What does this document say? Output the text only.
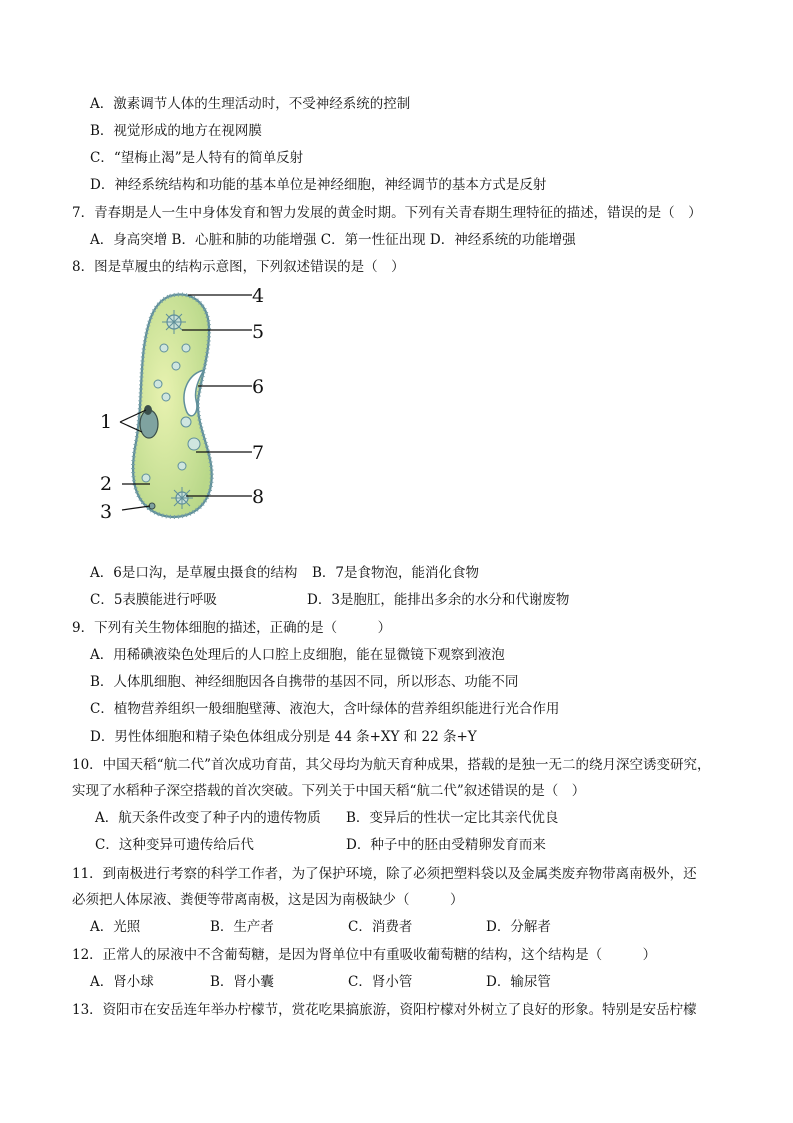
A．激素调节人体的生理活动时，不受神经系统的控制
B．视觉形成的地方在视网膜
C．“望梅止渴”是人特有的简单反射
D．神经系统结构和功能的基本单位是神经细胞，神经调节的基本方式是反射
7．青春期是人一生中身体发育和智力发展的黄金时期。下列有关青春期生理特征的描述，错误的是（　）
A．身高突增 B．心脏和肺的功能增强 C．第一性征出现 D．神经系统的功能增强
8．图是草履虫的结构示意图，下列叙述错误的是（　）
1
2
3
4
5
6
7
8
A．6是口沟，是草履虫摄食的结构 B．7是食物泡，能消化食物
C．5表膜能进行呼吸	D．3是胞肛，能排出多余的水分和代谢废物
9．下列有关生物体细胞的描述，正确的是（　　　）
A．用稀碘液染色处理后的人口腔上皮细胞，能在显微镜下观察到液泡
B．人体肌细胞、神经细胞因各自携带的基因不同，所以形态、功能不同
C．植物营养组织一般细胞壁薄、液泡大，含叶绿体的营养组织能进行光合作用
D．男性体细胞和精子染色体组成分别是 44 条+XY 和 22 条+Y
10．中国天稻“航二代”首次成功育苗，其父母均为航天育种成果，搭载的是独一无二的绕月深空诱变研究，
实现了水稻种子深空搭载的首次突破。下列关于中国天稻“航二代”叙述错误的是（　）
A．航天条件改变了种子内的遗传物质 B．变异后的性状一定比其亲代优良
C．这种变异可遗传给后代	D．种子中的胚由受精卵发育而来
11．到南极进行考察的科学工作者，为了保护环境，除了必须把塑料袋以及金属类废弃物带离南极外，还
必须把人体尿液、粪便等带离南极，这是因为南极缺少（　　　）
A．光照	B．生产者	C．消费者	D．分解者
12．正常人的尿液中不含葡萄糖，是因为肾单位中有重吸收葡萄糖的结构，这个结构是（　　　）
A．肾小球	B．肾小囊	C．肾小管	D．输尿管
13．资阳市在安岳连年举办柠檬节，赏花吃果搞旅游，资阳柠檬对外树立了良好的形象。特别是安岳柠檬
